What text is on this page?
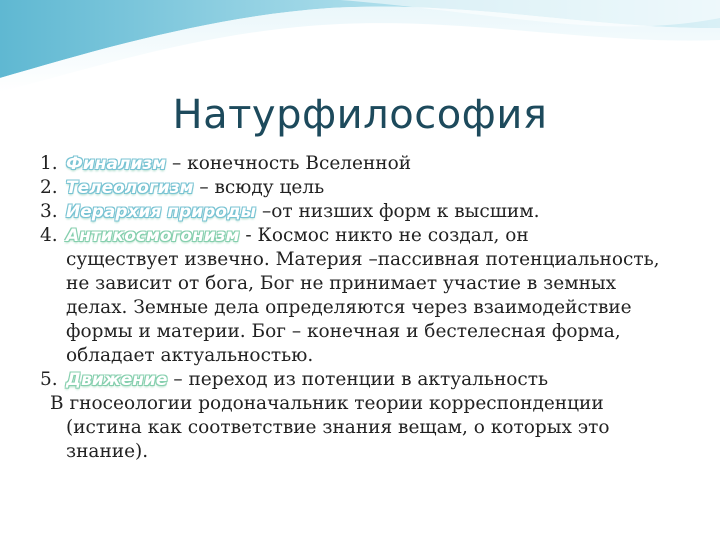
Натурфилософия
1. Финализм – конечность Вселенной
2. Телеологизм – всюду цель
3. Иерархия природы –от низших форм к высшим.
4. Антикосмогонизм - Космос никто не создал, он
существует извечно. Материя –пассивная потенциальность,
не зависит от бога, Бог не принимает участие в земных
делах. Земные дела определяются через взаимодействие
формы и материи. Бог – конечная и бестелесная форма,
обладает актуальностью.
5. Движение – переход из потенции в актуальность
В гносеологии родоначальник теории корреспонденции
(истина как соответствие знания вещам, о которых это
знание).
